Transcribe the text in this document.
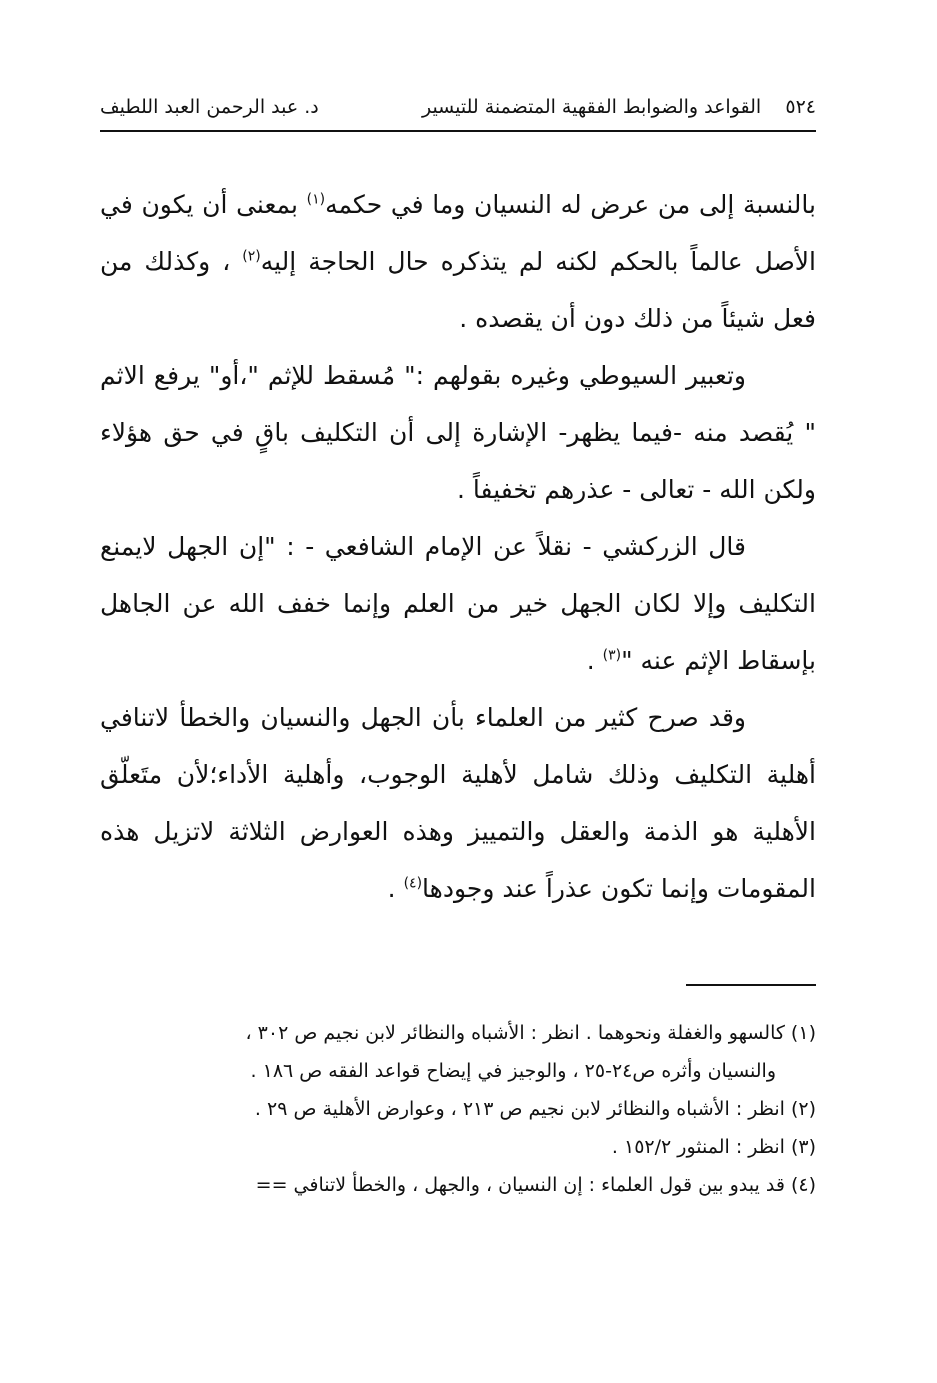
٥٢٤    القواعد والضوابط الفقهية المتضمنة للتيسير
د. عبد الرحمن العبد اللطيف

بالنسبة إلى من عرض له النسيان وما في حكمه$^{(١)}$ بمعنى أن يكون في الأصل عالماً بالحكم لكنه لم يتذكره حال الحاجة إليه$^{(٢)}$ ، وكذلك من فعل شيئاً من ذلك دون أن يقصده .

وتعبير السيوطي وغيره بقولهم :" مُسقط للإثم "،أو" يرفع الاثم " يُقصد منه -فيما يظهر- الإشارة إلى أن التكليف باقٍ في حق هؤلاء ولكن الله - تعالى - عذرهم تخفيفاً .

قال الزركشي - نقلاً عن الإمام الشافعي - : "إن الجهل لايمنع التكليف وإلا لكان الجهل خير من العلم وإنما خفف الله عن الجاهل بإسقاط الإثم عنه "$^{(٣)}$ .

وقد صرح كثير من العلماء بأن الجهل والنسيان والخطأ لاتنافي أهلية التكليف وذلك شامل لأهلية الوجوب، وأهلية الأداء؛لأن متَعلّق الأهلية هو الذمة والعقل والتمييز وهذه العوارض الثلاثة لاتزيل هذه المقومات وإنما تكون عذراً عند وجودها$^{(٤)}$ .

(١) كالسهو والغفلة ونحوهما . انظر : الأشباه والنظائر لابن نجيم ص ٣٠٢ ،

والنسيان وأثره ص٢٤-٢٥ ، والوجيز في إيضاح قواعد الفقه ص ١٨٦ .

(٢) انظر : الأشباه والنظائر لابن نجيم ص ٢١٣ ، وعوارض الأهلية ص ٢٩ .

(٣) انظر : المنثور ١٥٢/٢ .

(٤) قد يبدو بين قول العلماء : إن النسيان ، والجهل ، والخطأ لاتنافي ==
